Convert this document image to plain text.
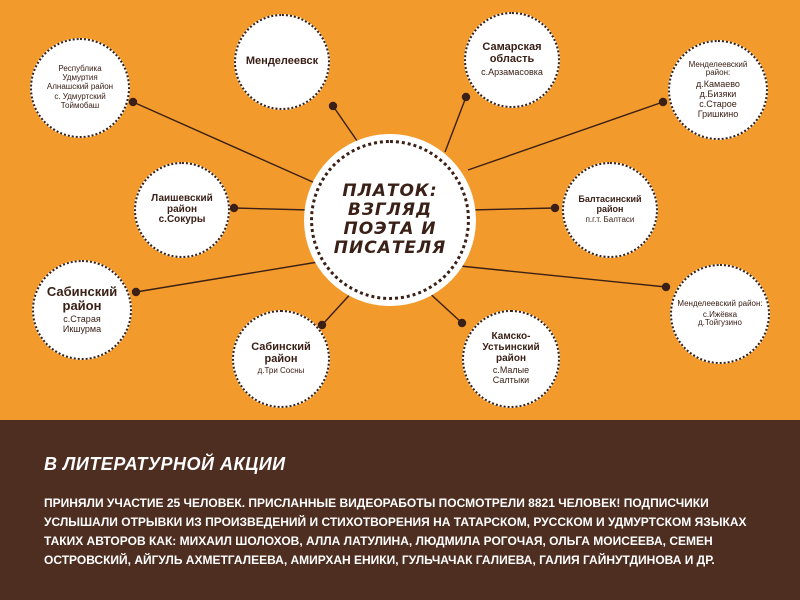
ПЛАТОК: ВЗГЛЯД ПОЭТА И ПИСАТЕЛЯ
Менделеевск
Самарская область
с.Арзамасовка
Республика Удмуртия Алнашский район
с. Удмуртский Тоймобаш
Менделеевский район:
д.Камаево д.Бизяки с.Старое Гришкино
Лаишевский район с.Сокуры
Балтасинский район
п.г.т. Балтаси
Сабинский район
с.Старая Икшурма
Менделеевский район:
с.Ижёвка д.Тойгузино
Сабинский район
д.Три Сосны
Камско-Устьинский район
с.Малые Салтыки
В ЛИТЕРАТУРНОЙ АКЦИИ
ПРИНЯЛИ УЧАСТИЕ 25 ЧЕЛОВЕК. ПРИСЛАННЫЕ ВИДЕОРАБОТЫ ПОСМОТРЕЛИ 8821 ЧЕЛОВЕК! ПОДПИСЧИКИ УСЛЫШАЛИ ОТРЫВКИ ИЗ ПРОИЗВЕДЕНИЙ И СТИХОТВОРЕНИЯ НА ТАТАРСКОМ, РУССКОМ И УДМУРТСКОМ ЯЗЫКАХ ТАКИХ АВТОРОВ КАК: МИХАИЛ ШОЛОХОВ, АЛЛА ЛАТУЛИНА, ЛЮДМИЛА РОГОЧАЯ, ОЛЬГА МОИСЕЕВА, СЕМЕН ОСТРОВСКИЙ, АЙГУЛЬ АХМЕТГАЛЕЕВА, АМИРХАН ЕНИКИ, ГУЛЬЧАЧАК ГАЛИЕВА, ГАЛИЯ ГАЙНУТДИНОВА И ДР.
